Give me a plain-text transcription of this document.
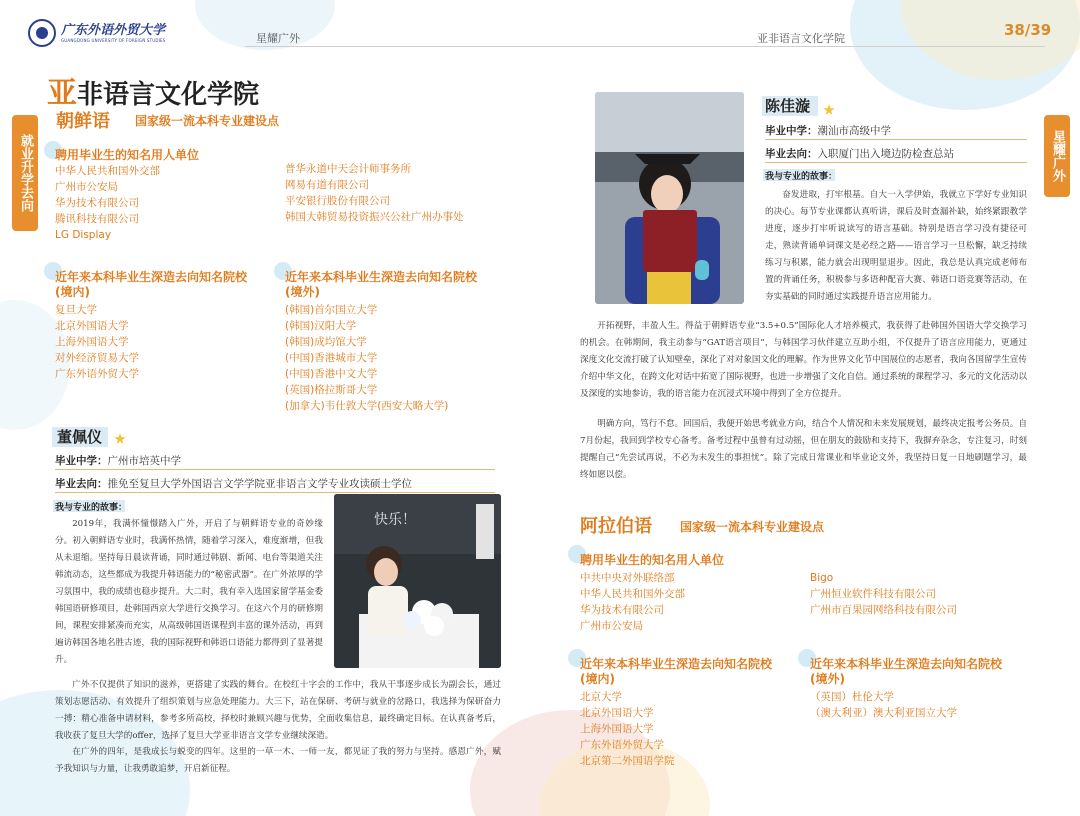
广东外语外贸大学
GUANGDONG UNIVERSITY OF FOREIGN STUDIES	星耀广外	亚非语言文化学院	38/39
就业升学去向	星耀广外
亚非语言文化学院
朝鲜语 国家级一流本科专业建设点
聘用毕业生的知名用人单位
中华人民共和国外交部
广州市公安局
华为技术有限公司
腾讯科技有限公司
LG Display
普华永道中天会计师事务所
网易有道有限公司
平安银行股份有限公司
韩国大韩贸易投资振兴公社广州办事处
近年来本科毕业生深造去向知名院校
(境内)
复旦大学
北京外国语大学
上海外国语大学
对外经济贸易大学
广东外语外贸大学
近年来本科毕业生深造去向知名院校
(境外)
(韩国)首尔国立大学
(韩国)汉阳大学
(韩国)成均馆大学
(中国)香港城市大学
(中国)香港中文大学
(英国)格拉斯哥大学
(加拿大)韦仕敦大学(西安大略大学)
董佩仪
毕业中学：广州市培英中学
毕业去向：推免至复旦大学外国语言文学学院亚非语言文学专业攻读硕士学位
我与专业的故事：
2019年，我满怀憧憬踏入广外，开启了与朝鲜语专业的奇妙缘分。初入朝鲜语专业时，我满怀热情，随着学习深入，难度渐增，但我从未退缩。坚持每日晨读背诵，同时通过韩剧、新闻、电台等渠道关注韩流动态，这些都成为我提升韩语能力的“秘密武器”。在广外浓厚的学习氛围中，我的成绩也稳步提升。大二时，我有幸入选国家留学基金委韩国语研修项目，赴韩国西京大学进行交换学习。在这六个月的研修期间，课程安排紧凑而充实，从高级韩国语课程到丰富的课外活动，再到遍访韩国各地名胜古迹，我的国际视野和韩语口语能力都得到了显著提升。
快乐！
广外不仅提供了知识的滋养，更搭建了实践的舞台。在校红十字会的工作中，我从干事逐步成长为副会长，通过策划志愿活动、有效提升了组织策划与应急处理能力。大三下，站在保研、考研与就业的岔路口，我选择为保研奋力一搏：精心准备申请材料，参考多所高校，择校时兼顾兴趣与优势，全面收集信息，最终确定目标。在认真备考后，我收获了复旦大学的offer，选择了复旦大学亚非语言文学专业继续深造。
在广外的四年，是我成长与蜕变的四年。这里的一草一木、一师一友，都见证了我的努力与坚持。感恩广外，赋予我知识与力量，让我勇敢追梦，开启新征程。
陈佳漩
毕业中学：潮汕市高级中学
毕业去向：入职厦门出入境边防检查总站
我与专业的故事：
奋发进取，打牢根基。自大一入学伊始，我就立下学好专业知识的决心。每节专业课都认真听讲，课后及时查漏补缺，始终紧跟教学进度，逐步打牢听说读写的语言基础。特别是语言学习没有捷径可走，熟读背诵单词课文是必经之路——语言学习一旦松懈，缺乏持续练习与积累，能力就会出现明显退步。因此，我总是认真完成老师布置的背诵任务，积极参与多语种配音大赛、韩语口语竞赛等活动，在夯实基础的同时通过实践提升语言应用能力。
开拓视野，丰盈人生。得益于朝鲜语专业“3.5+0.5”国际化人才培养模式，我获得了赴韩国外国语大学交换学习的机会。在韩期间，我主动参与“GAT语言项目”，与韩国学习伙伴建立互助小组，不仅提升了语言应用能力，更通过深度文化交流打破了认知壁垒，深化了对对象国文化的理解。作为世界文化节中国展位的志愿者，我向各国留学生宣传介绍中华文化，在跨文化对话中拓宽了国际视野，也进一步增强了文化自信。通过系统的课程学习、多元的文化活动以及深度的实地参访，我的语言能力在沉浸式环境中得到了全方位提升。
明确方向，笃行不怠。回国后，我便开始思考就业方向，结合个人情况和未来发展规划，最终决定报考公务员。自7月份起，我回到学校专心备考。备考过程中虽曾有过动摇，但在朋友的鼓励和支持下，我摒弃杂念，专注复习，时刻提醒自己“先尝试再说，不必为未发生的事担忧”。除了完成日常课业和毕业论文外，我坚持日复一日地刷题学习，最终如愿以偿。
阿拉伯语 国家级一流本科专业建设点
聘用毕业生的知名用人单位
中共中央对外联络部
中华人民共和国外交部
华为技术有限公司
广州市公安局
Bigo
广州恒业软件科技有限公司
广州市百果园网络科技有限公司
近年来本科毕业生深造去向知名院校
(境内)
北京大学
北京外国语大学
上海外国语大学
广东外语外贸大学
北京第二外国语学院
近年来本科毕业生深造去向知名院校
(境外)
（英国）杜伦大学
（澳大利亚）澳大利亚国立大学
